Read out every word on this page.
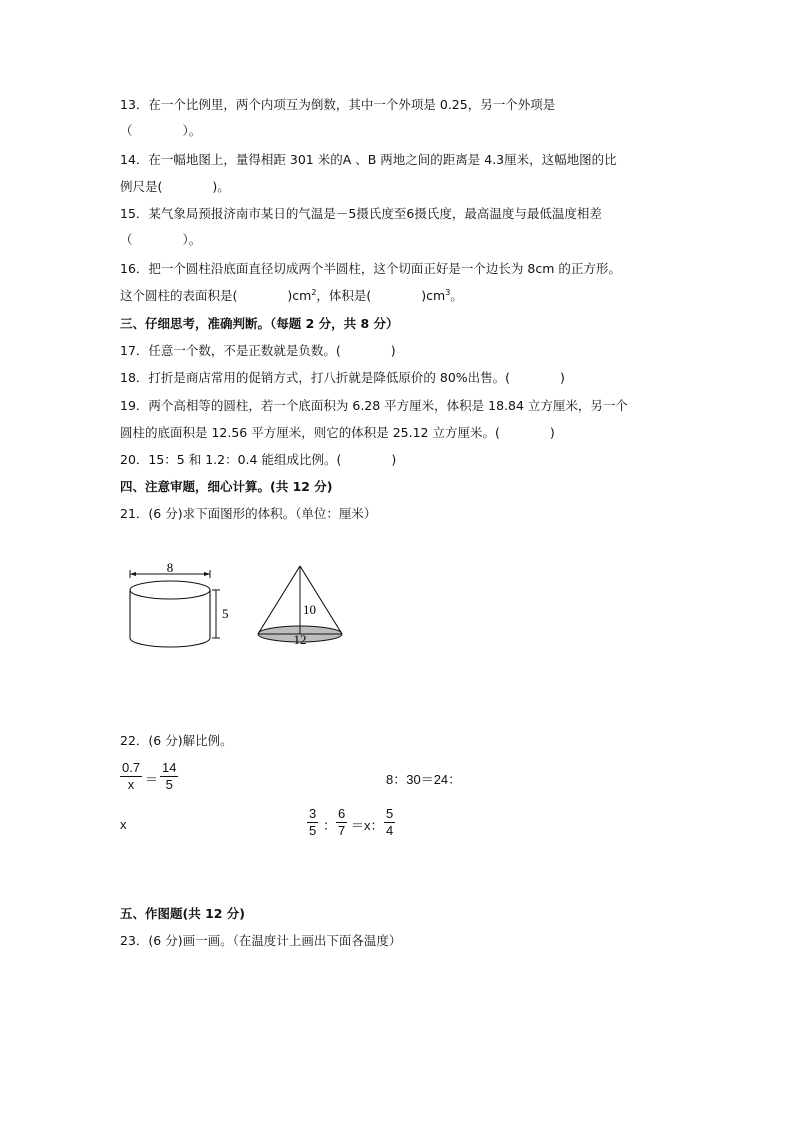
13．在一个比例里，两个内项互为倒数，其中一个外项是 0.25，另一个外项是
（　　　　）。
14．在一幅地图上，量得相距 301 米的A 、B 两地之间的距离是 4.3厘米，这幅地图的比
例尺是(　　　　)。
15．某气象局预报济南市某日的气温是－5摄氏度至6摄氏度，最高温度与最低温度相差
（　　　　）。
16．把一个圆柱沿底面直径切成两个半圆柱，这个切面正好是一个边长为 8cm 的正方形。
这个圆柱的表面积是(　　　　)$cm^2$，体积是(　　　　)$cm^3$。
三、仔细思考，准确判断。（每题 2 分，共 8 分）
17．任意一个数，不是正数就是负数。(　　　　)
18．打折是商店常用的促销方式，打八折就是降低原价的 80%出售。(　　　　)
19．两个高相等的圆柱，若一个底面积为 6.28 平方厘米，体积是 18.84 立方厘米，另一个
圆柱的底面积是 12.56 平方厘米，则它的体积是 25.12 立方厘米。(　　　　)
20．15：5 和 1.2：0.4 能组成比例。(　　　　)
四、注意审题，细心计算。(共 12 分)
21．(6 分)求下面图形的体积。（单位：厘米）
8
5	10
12
22．(6 分)解比例。
$\frac{0.7}{x} = \frac{14}{5}$	8：30＝24：
x	$\frac{3}{5}$ ： $\frac{6}{7} =x$： $\frac{5}{4}$
五、作图题(共 12 分)
23．(6 分)画一画。（在温度计上画出下面各温度）
